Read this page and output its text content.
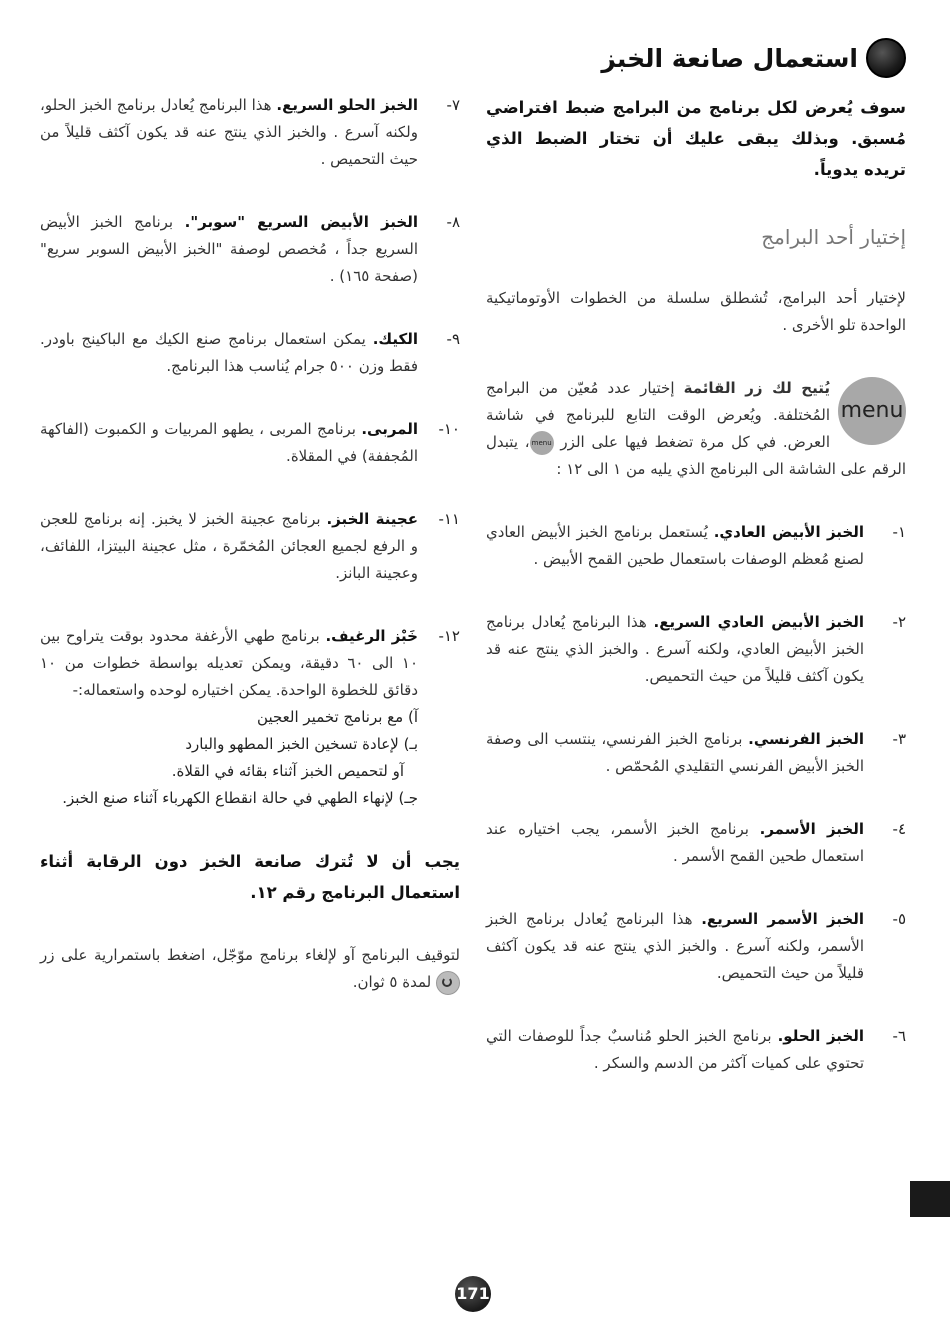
استعمال صانعة الخبز
سوف يُعرض لكل برنامج من البرامج ضبط افتراضي مُسبق. وبذلك يبقى عليك أن تختار الضبط الذي تريده يدوياً.
إختيار أحد البرامج
لإختيار أحد البرامج، تُشطلق سلسلة من الخطوات الأوتوماتيكية الواحدة تلو الأخرى .
menu
يُتيح لك زر القائمة إختيار عدد مُعيّن من البرامج المُختلفة. ويُعرض الوقت التابع للبرنامج في شاشة العرض. في كل مرة تضغط فيها على الزر menu، يتبدل الرقم على الشاشة الى البرنامج الذي يليه من ١ الى ١٢ :
١-
الخبز الأبيض العادي. يُستعمل برنامج الخبز الأبيض العادي لصنع مُعظم الوصفات باستعمال طحين القمح الأبيض .
٢-
الخبز الأبيض العادي السريع. هذا البرنامج يُعادل برنامج الخبز الأبيض العادي، ولكنه آسرع . والخبز الذي ينتج عنه قد يكون آكثف قليلاً من حيث التحميص.
٣-
الخبز الفرنسي. برنامج الخبز الفرنسي، ينتسب الى وصفة الخبز الأبيض الفرنسي التقليدي المُحمّص .
٤-
الخبز الأسمر. برنامج الخبز الأسمر، يجب اختياره عند استعمال طحين القمح الأسمر .
٥-
الخبز الأسمر السريع. هذا البرنامج يُعادل برنامج الخبز الأسمر، ولكنه آسرع . والخبز الذي ينتج عنه قد يكون آكثف قليلاً من حيث التحميص.
٦-
الخبز الحلو. برنامج الخبز الحلو مُناسبٌ جداً للوصفات التي تحتوي على كميات آكثر من الدسم والسكر .
٧-
الخبز الحلو السريع. هذا البرنامج يُعادل برنامج الخبز الحلو، ولكنه آسرع . والخبز الذي ينتج عنه قد يكون آكثف قليلاً من حيث التحميص .
٨-
الخبز الأبيض السريع "سوبر". برنامج الخبز الأبيض السريع جداً ، مُخصص لوصفة "الخبز الأبيض السوبر سريع" (صفحة ١٦٥) .
٩-
الكيك. يمكن استعمال برنامج صنع الكيك مع الباكينج باودر. فقط وزن ٥٠٠ جرام يُناسب هذا البرنامج.
١٠-
المربى. برنامج المربى ، يطهو المربيات و الكمبوت (الفاكهة المُجففة) في المقلاة.
١١-
عجينة الخبز. برنامج عجينة الخبز لا يخبز. إنه برنامج للعجن و الرفع لجميع العجائن المُخمّرة ، مثل عجينة البيتزا، اللفائف، وعجينة البانز.
١٢-
خَبْز الرغيف. برنامج طهي الأرغفة محدود بوقت يتراوح بين ١٠ الى ٦٠ دقيقة، ويمكن تعديله بواسطة خطوات من ١٠ دقائق للخطوة الواحدة. يمكن اختياره لوحده واستعماله:-
آ) مع برنامج تخمير العجين
بـ) لإعادة تسخين الخبز المطهو والبارد
آو لتحميص الخبز آثناء بقائه في القلاة.
جـ) لإنهاء الطهي في حالة انقطاع الكهرباء آثناء صنع الخبز.
يجب أن لا تُترك صانعة الخبز دون الرقابة أثناء استعمال البرنامج رقم ١٢.
لتوقيف البرنامج آو لإلغاء برنامج موّجّل، اضغط باستمرارية على زر  لمدة ٥ ثوان.
171
